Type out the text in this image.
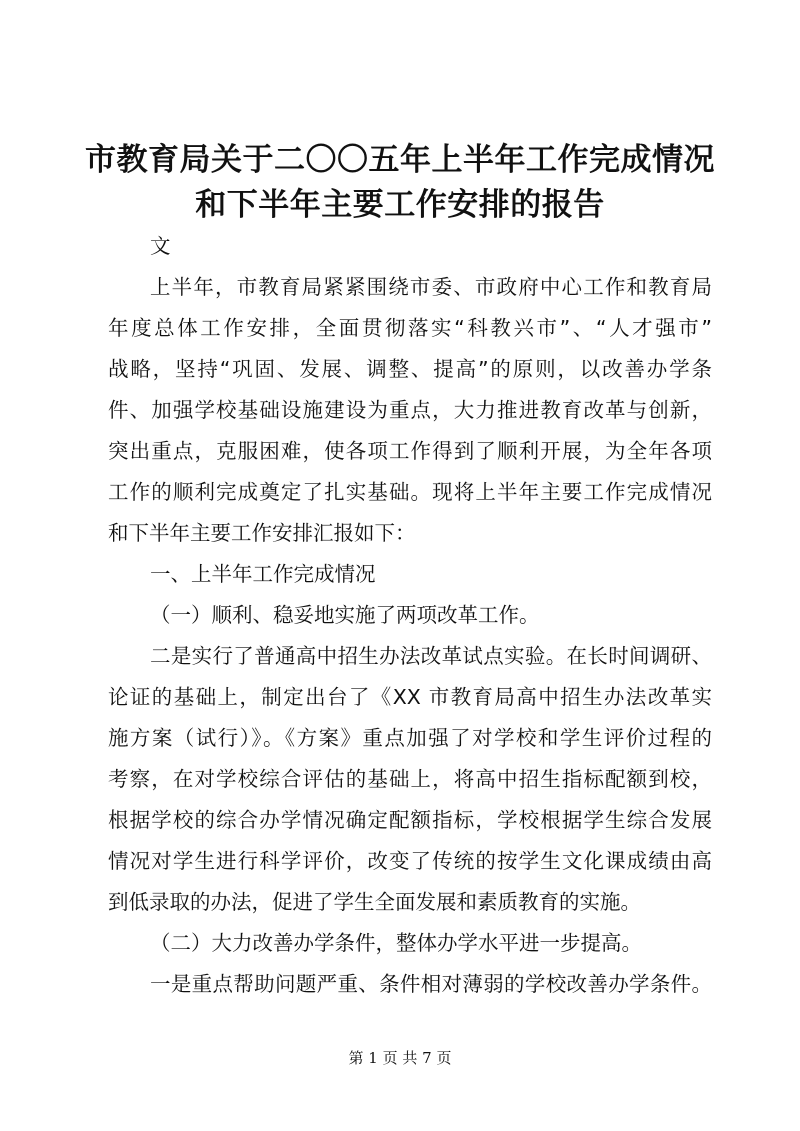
市教育局关于二〇〇五年上半年工作完成情况
和下半年主要工作安排的报告
文
上半年，市教育局紧紧围绕市委、市政府中心工作和教育局
年度总体工作安排，全面贯彻落实“科教兴市”、“人才强市”
战略，坚持“巩固、发展、调整、提高”的原则，以改善办学条
件、加强学校基础设施建设为重点，大力推进教育改革与创新，
突出重点，克服困难，使各项工作得到了顺利开展，为全年各项
工作的顺利完成奠定了扎实基础。现将上半年主要工作完成情况
和下半年主要工作安排汇报如下：
一、上半年工作完成情况
（一）顺利、稳妥地实施了两项改革工作。
二是实行了普通高中招生办法改革试点实验。在长时间调研、
论证的基础上，制定出台了《XX 市教育局高中招生办法改革实
施方案（试行）》。《方案》重点加强了对学校和学生评价过程的
考察，在对学校综合评估的基础上，将高中招生指标配额到校，
根据学校的综合办学情况确定配额指标，学校根据学生综合发展
情况对学生进行科学评价，改变了传统的按学生文化课成绩由高
到低录取的办法，促进了学生全面发展和素质教育的实施。
（二）大力改善办学条件，整体办学水平进一步提高。
一是重点帮助问题严重、条件相对薄弱的学校改善办学条件。
第 1 页 共 7 页
